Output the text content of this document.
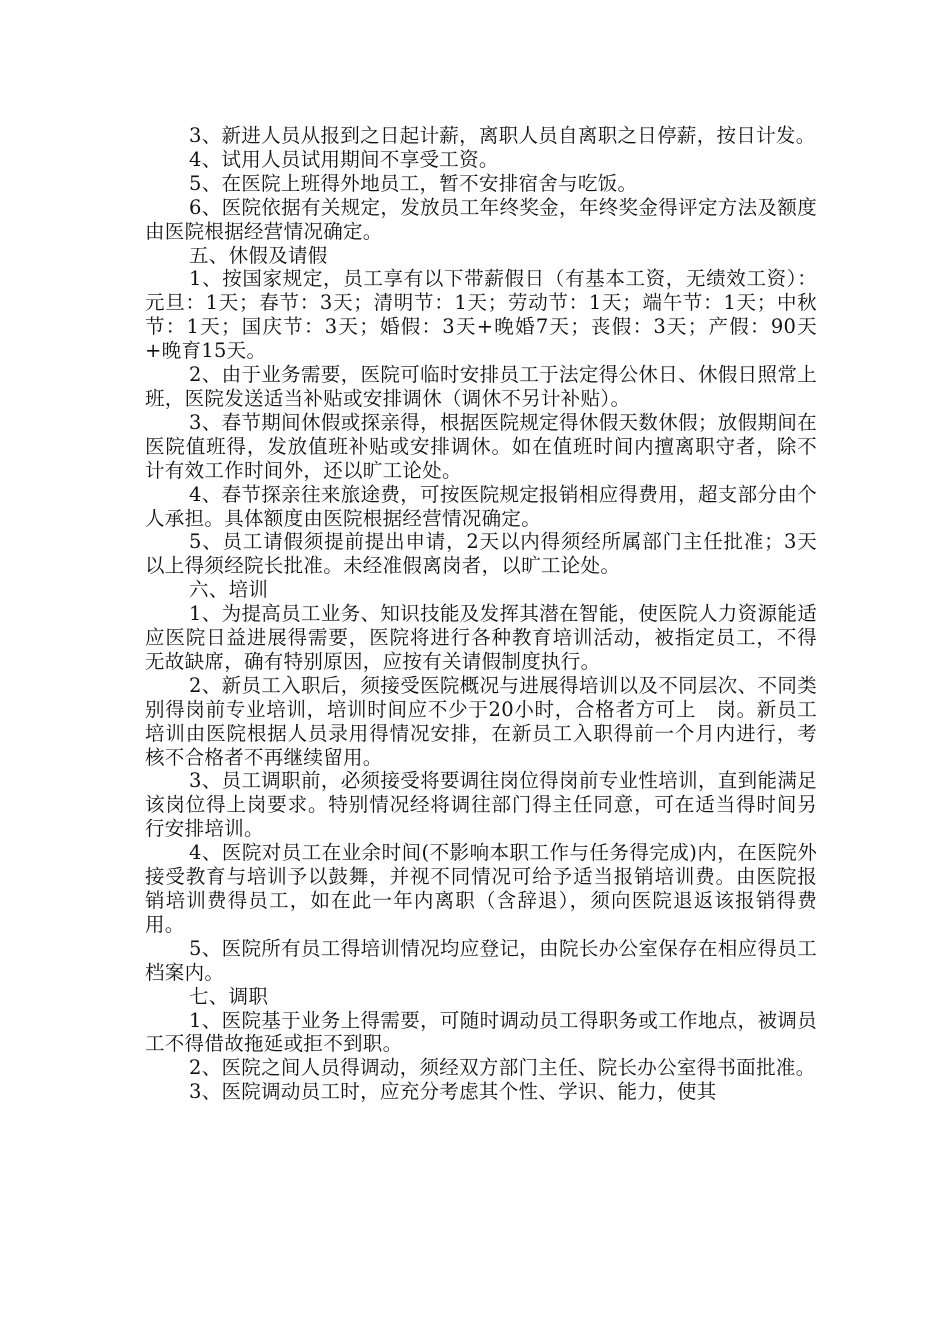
3、新进人员从报到之日起计薪，离职人员自离职之日停薪，按日计发。

4、试用人员试用期间不享受工资。

5、在医院上班得外地员工，暂不安排宿舍与吃饭。

6、医院依据有关规定，发放员工年终奖金，年终奖金得评定方法及额度由医院根据经营情况确定。

五、休假及请假

1、按国家规定，员工享有以下带薪假日（有基本工资，无绩效工资）：元旦：1天；春节：3天；清明节：1天；劳动节：1天；端午节：1天；中秋节：1天；国庆节：3天；婚假：3天+晚婚7天；丧假：3天；产假：90天+晚育15天。

2、由于业务需要，医院可临时安排员工于法定得公休日、休假日照常上班，医院发送适当补贴或安排调休（调休不另计补贴）。

3、春节期间休假或探亲得，根据医院规定得休假天数休假；放假期间在医院值班得，发放值班补贴或安排调休。如在值班时间内擅离职守者，除不计有效工作时间外，还以旷工论处。

4、春节探亲往来旅途费，可按医院规定报销相应得费用，超支部分由个人承担。具体额度由医院根据经营情况确定。

5、员工请假须提前提出申请，2天以内得须经所属部门主任批准；3天以上得须经院长批准。未经准假离岗者，以旷工论处。

六、培训

1、为提高员工业务、知识技能及发挥其潜在智能，使医院人力资源能适应医院日益进展得需要，医院将进行各种教育培训活动，被指定员工，不得无故缺席，确有特别原因，应按有关请假制度执行。

2、新员工入职后，须接受医院概况与进展得培训以及不同层次、不同类别得岗前专业培训，培训时间应不少于20小时，合格者方可上　岗。新员工培训由医院根据人员录用得情况安排，在新员工入职得前一个月内进行，考核不合格者不再继续留用。

3、员工调职前，必须接受将要调往岗位得岗前专业性培训，直到能满足该岗位得上岗要求。特别情况经将调往部门得主任同意，可在适当得时间另行安排培训。

4、医院对员工在业余时间(不影响本职工作与任务得完成)内，在医院外接受教育与培训予以鼓舞，并视不同情况可给予适当报销培训费。由医院报销培训费得员工，如在此一年内离职（含辞退），须向医院退返该报销得费用。

5、医院所有员工得培训情况均应登记，由院长办公室保存在相应得员工档案内。

七、调职

1、医院基于业务上得需要，可随时调动员工得职务或工作地点，被调员工不得借故拖延或拒不到职。

2、医院之间人员得调动，须经双方部门主任、院长办公室得书面批准。

3、医院调动员工时，应充分考虑其个性、学识、能力，使其
